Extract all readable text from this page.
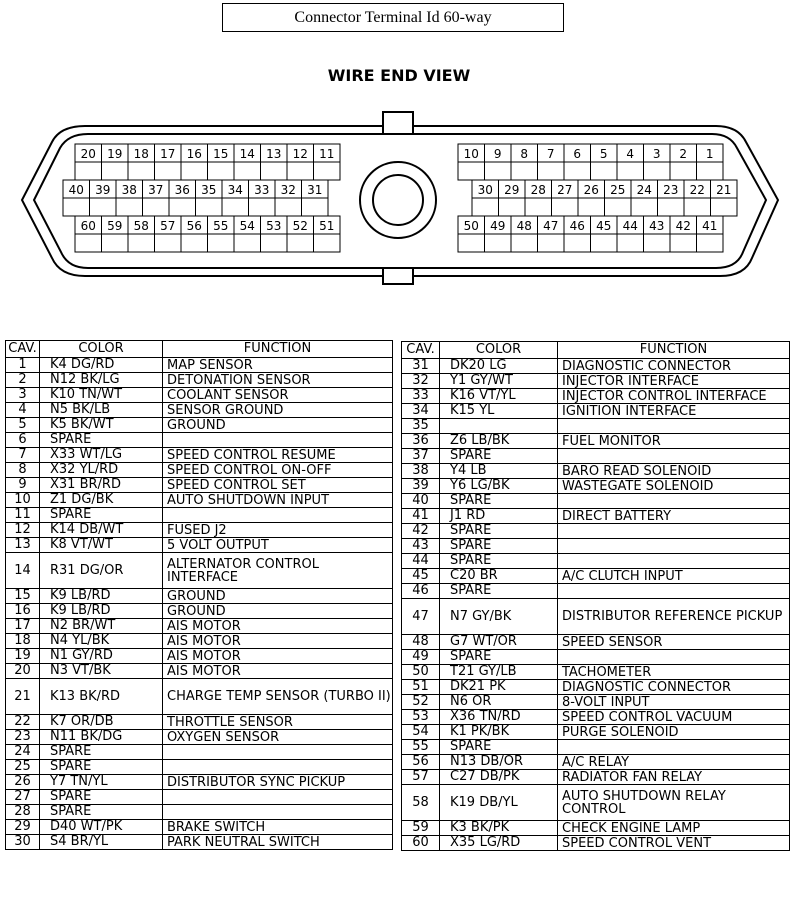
Connector Terminal Id 60-way
WIRE END VIEW
20 19 18 17 16 15 14 13 12 11
40 39 38 37 36 35 34 33 32 31
60 59 58 57 56 55 54 53 52 51
10 9 8 7 6 5 4 3 2 1
30 29 28 27 26 25 24 23 22 21
50 49 48 47 46 45 44 43 42 41
CAV.	COLOR	FUNCTION
1	K4 DG/RD	MAP SENSOR
2	N12 BK/LG	DETONATION SENSOR
3	K10 TN/WT	COOLANT SENSOR
4	N5 BK/LB	SENSOR GROUND
5	K5 BK/WT	GROUND
6	SPARE	
7	X33 WT/LG	SPEED CONTROL RESUME
8	X32 YL/RD	SPEED CONTROL ON-OFF
9	X31 BR/RD	SPEED CONTROL SET
10	Z1 DG/BK	AUTO SHUTDOWN INPUT
11	SPARE	
12	K14 DB/WT	FUSED J2
13	K8 VT/WT	5 VOLT OUTPUT
14	R31 DG/OR	ALTERNATOR CONTROL INTERFACE
15	K9 LB/RD	GROUND
16	K9 LB/RD	GROUND
17	N2 BR/WT	AIS MOTOR
18	N4 YL/BK	AIS MOTOR
19	N1 GY/RD	AIS MOTOR
20	N3 VT/BK	AIS MOTOR
21	K13 BK/RD	CHARGE TEMP SENSOR (TURBO II)
22	K7 OR/DB	THROTTLE SENSOR
23	N11 BK/DG	OXYGEN SENSOR
24	SPARE	
25	SPARE	
26	Y7 TN/YL	DISTRIBUTOR SYNC PICKUP
27	SPARE	
28	SPARE	
29	D40 WT/PK	BRAKE SWITCH
30	S4 BR/YL	PARK NEUTRAL SWITCH
CAV.	COLOR	FUNCTION
31	DK20 LG	DIAGNOSTIC CONNECTOR
32	Y1 GY/WT	INJECTOR INTERFACE
33	K16 VT/YL	INJECTOR CONTROL INTERFACE
34	K15 YL	IGNITION INTERFACE
35		
36	Z6 LB/BK	FUEL MONITOR
37	SPARE	
38	Y4 LB	BARO READ SOLENOID
39	Y6 LG/BK	WASTEGATE SOLENOID
40	SPARE	
41	J1 RD	DIRECT BATTERY
42	SPARE	
43	SPARE	
44	SPARE	
45	C20 BR	A/C CLUTCH INPUT
46	SPARE	
47	N7 GY/BK	DISTRIBUTOR REFERENCE PICKUP
48	G7 WT/OR	SPEED SENSOR
49	SPARE	
50	T21 GY/LB	TACHOMETER
51	DK21 PK	DIAGNOSTIC CONNECTOR
52	N6 OR	8-VOLT INPUT
53	X36 TN/RD	SPEED CONTROL VACUUM
54	K1 PK/BK	PURGE SOLENOID
55	SPARE	
56	N13 DB/OR	A/C RELAY
57	C27 DB/PK	RADIATOR FAN RELAY
58	K19 DB/YL	AUTO SHUTDOWN RELAY CONTROL
59	K3 BK/PK	CHECK ENGINE LAMP
60	X35 LG/RD	SPEED CONTROL VENT
